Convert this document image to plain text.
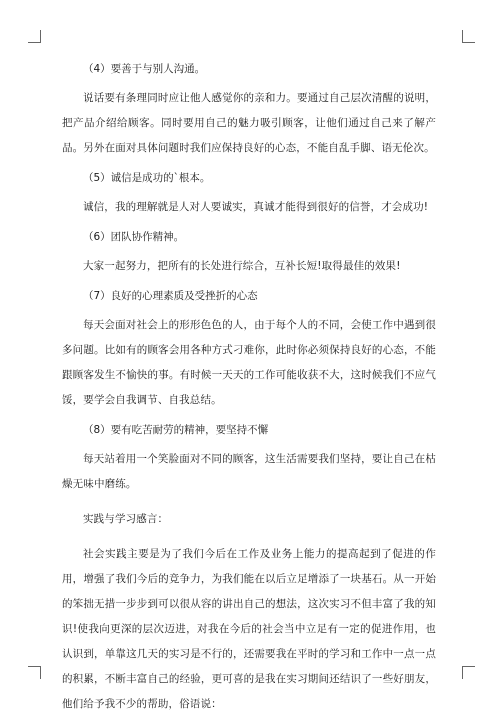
（4）要善于与别人沟通。
说话要有条理同时应让他人感觉你的亲和力。要通过自己层次清醒的说明，把产品介绍给顾客。同时要用自己的魅力吸引顾客，让他们通过自己来了解产品。另外在面对具体问题时我们应保持良好的心态，不能自乱手脚、语无伦次。
（5）诚信是成功的`根本。
诚信，我的理解就是人对人要诚实，真诚才能得到很好的信誉，才会成功!
（6）团队协作精神。
大家一起努力，把所有的长处进行综合，互补长短!取得最佳的效果!
（7）良好的心理素质及受挫折的心态
每天会面对社会上的形形色色的人，由于每个人的不同，会使工作中遇到很多问题。比如有的顾客会用各种方式刁难你，此时你必须保持良好的心态，不能跟顾客发生不愉快的事。有时候一天天的工作可能收获不大，这时候我们不应气馁，要学会自我调节、自我总结。
（8）要有吃苦耐劳的精神，要坚持不懈
每天站着用一个笑脸面对不同的顾客，这生活需要我们坚持，要让自己在枯燥无味中磨练。
实践与学习感言：
社会实践主要是为了我们今后在工作及业务上能力的提高起到了促进的作用，增强了我们今后的竞争力，为我们能在以后立足增添了一块基石。从一开始的笨拙无措一步步到可以很从容的讲出自己的想法，这次实习不但丰富了我的知识!使我向更深的层次迈进，对我在今后的社会当中立足有一定的促进作用，也认识到，单靠这几天的实习是不行的，还需要我在平时的学习和工作中一点一点的积累，不断丰富自己的经验，更可喜的是我在实习期间还结识了一些好朋友，他们给予我不少的帮助，俗语说：
